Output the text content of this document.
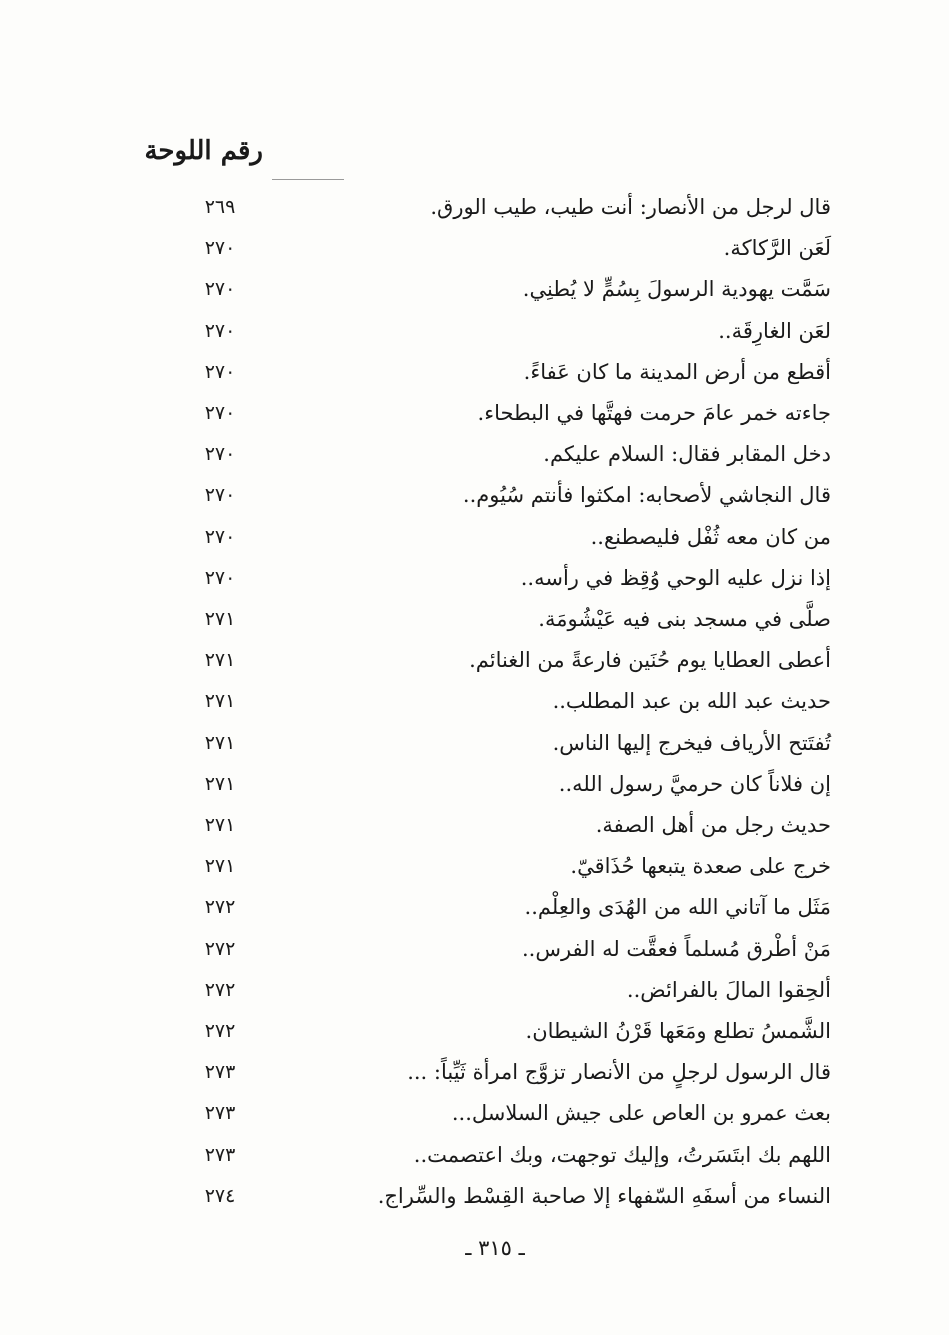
رقم اللوحة
قال لرجل من الأنصار: أنت طيب، طيب الورق.
٢٦٩
لَعَن الرَّكاكة.
٢٧٠
سَمَّت يهودية الرسولَ بِسُمٍّ لا يُطنِي.
٢٧٠
لعَن الغارِقَة..
٢٧٠
أقطع من أرض المدينة ما كان عَفاءً.
٢٧٠
جاءته خمر عامَ حرمت فهتَّها في البطحاء.
٢٧٠
دخل المقابر فقال: السلام عليكم.
٢٧٠
قال النجاشي لأصحابه: امكثوا فأنتم سُيُوم..
٢٧٠
من كان معه ثُفْل فليصطنع..
٢٧٠
إذا نزل عليه الوحي وُقِظ في رأسه..
٢٧٠
صلَّى في مسجد بنى فيه عَيْشُومَة.
٢٧١
أعطى العطايا يوم حُنَين فارعةً من الغنائم.
٢٧١
حديث عبد الله بن عبد المطلب..
٢٧١
تُفتَتح الأرياف فيخرج إليها الناس.
٢٧١
إن فلاناً كان حرميَّ رسول الله..
٢٧١
حديث رجل من أهل الصفة.
٢٧١
خرج على صعدة يتبعها حُذَاقيّ.
٢٧١
مَثَل ما آتاني الله من الهُدَى والعِلْم..
٢٧٢
مَنْ أطْرق مُسلماً فعقَّت له الفرس..
٢٧٢
ألحِقوا المالَ بالفرائض..
٢٧٢
الشَّمسُ تطلع ومَعَها قَرْنُ الشيطان.
٢٧٢
قال الرسول لرجلٍ من الأنصار تزوَّج امرأة ثَيِّباً: ...
٢٧٣
بعث عمرو بن العاص على جيش السلاسل...
٢٧٣
اللهم بك ابتَسَرتُ، وإليك توجهت، وبك اعتصمت..
٢٧٣
النساء من أسفَهِ السّفهاء إلا صاحبة القِسْط والسِّراج.
٢٧٤
ـ ٣١٥ ـ
